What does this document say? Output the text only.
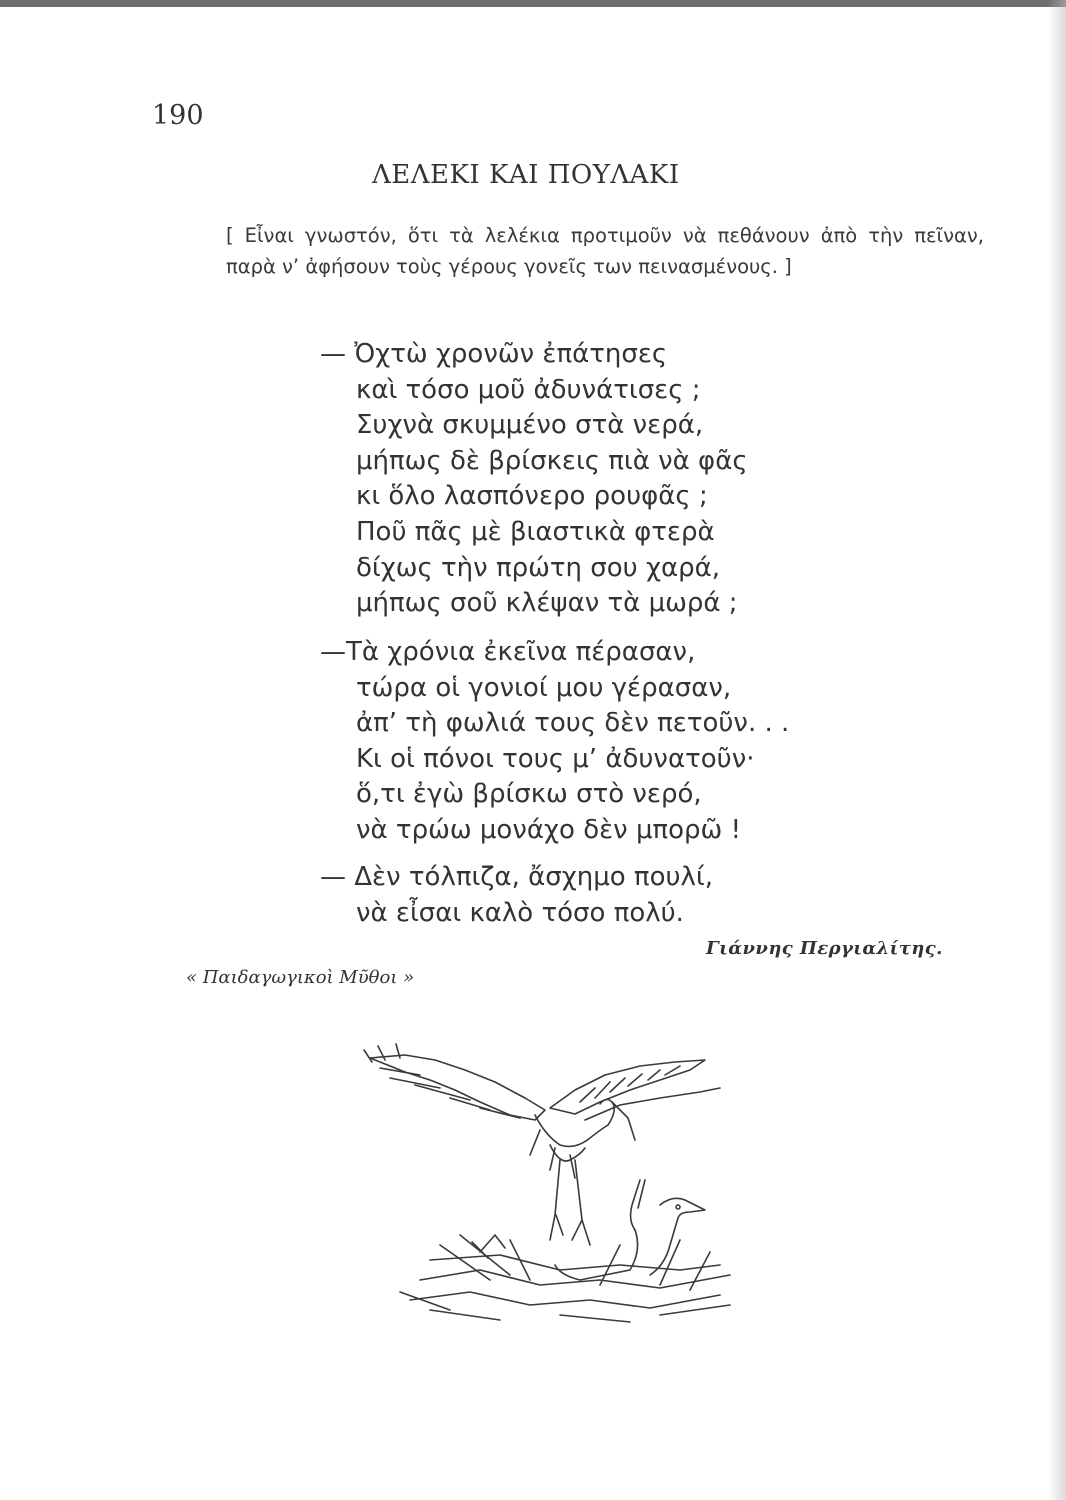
190
ΛΕΛΕΚΙ ΚΑΙ ΠΟΥΛΑΚΙ
[ Εἶναι γνωστόν, ὅτι τὰ λελέκια προτιμοῦν νὰ πεθάνουν ἀπὸ τὴν πεῖναν, παρὰ ν’ ἀφήσουν τοὺς γέρους γονεῖς των πεινασμένους. ]
— Ὀχτὼ χρονῶν ἐπάτησες
καὶ τόσο μοῦ ἀδυνάτισες ;
Συχνὰ σκυμμένο στὰ νερά,
μήπως δὲ βρίσκεις πιὰ νὰ φᾶς
κι ὅλο λασπόνερο ρουφᾶς ;
Ποῦ πᾶς μὲ βιαστικὰ φτερὰ
δίχως τὴν πρώτη σου χαρά,
μήπως σοῦ κλέψαν τὰ μωρά ;
—Τὰ χρόνια ἐκεῖνα πέρασαν,
τώρα οἱ γονιοί μου γέρασαν,
ἀπ’ τὴ φωλιά τους δὲν πετοῦν. . .
Κι οἱ πόνοι τους μ’ ἀδυνατοῦν·
ὅ,τι ἐγὼ βρίσκω στὸ νερό,
νὰ τρώω μονάχο δὲν μπορῶ !
— Δὲν τόλπιζα, ἄσχημο πουλί,
νὰ εἶσαι καλὸ τόσο πολύ.
Γιάννης Περγιαλίτης.
« Παιδαγωγικοὶ Μῦθοι »
